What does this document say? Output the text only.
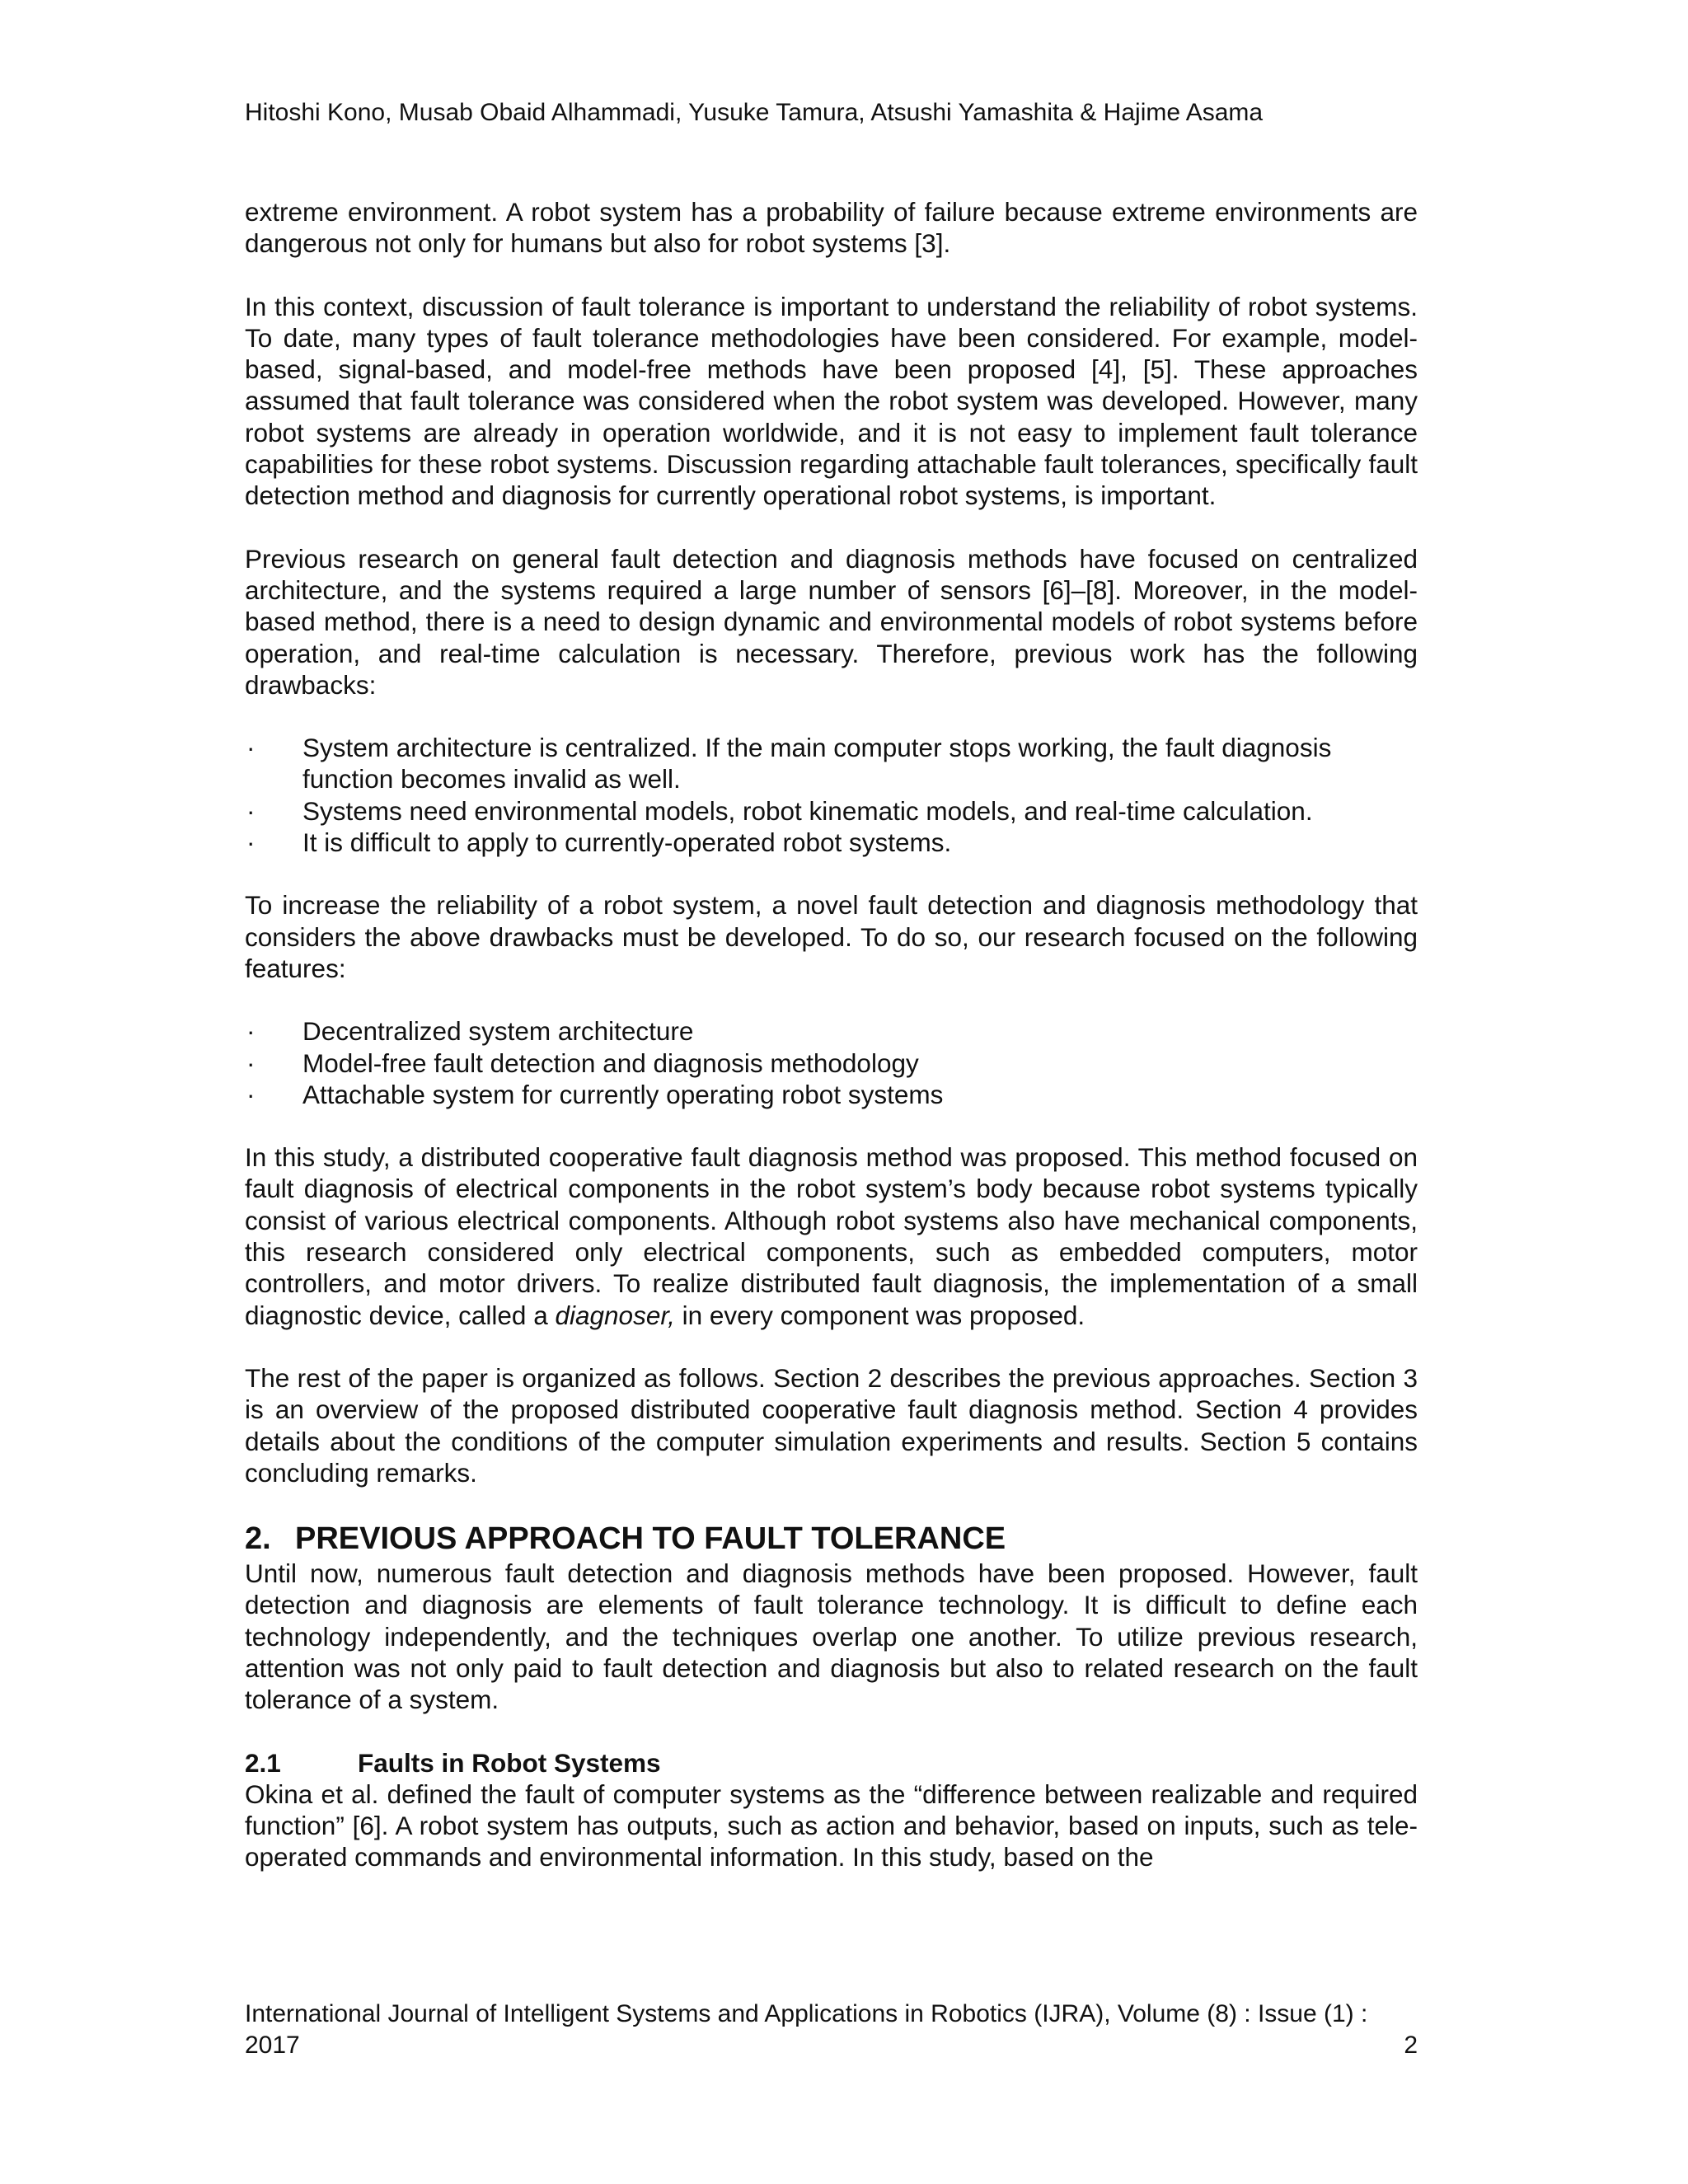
Hitoshi Kono, Musab Obaid Alhammadi, Yusuke Tamura, Atsushi Yamashita & Hajime Asama

extreme environment. A robot system has a probability of failure because extreme environments are dangerous not only for humans but also for robot systems [3].

In this context, discussion of fault tolerance is important to understand the reliability of robot systems. To date, many types of fault tolerance methodologies have been considered. For example, model-based, signal-based, and model-free methods have been proposed [4], [5]. These approaches assumed that fault tolerance was considered when the robot system was developed. However, many robot systems are already in operation worldwide, and it is not easy to implement fault tolerance capabilities for these robot systems. Discussion regarding attachable fault tolerances, specifically fault detection method and diagnosis for currently operational robot systems, is important.

Previous research on general fault detection and diagnosis methods have focused on centralized architecture, and the systems required a large number of sensors [6]–[8]. Moreover, in the model-based method, there is a need to design dynamic and environmental models of robot systems before operation, and real-time calculation is necessary. Therefore, previous work has the following drawbacks:

· System architecture is centralized. If the main computer stops working, the fault diagnosis function becomes invalid as well.
· Systems need environmental models, robot kinematic models, and real-time calculation.
· It is difficult to apply to currently-operated robot systems.

To increase the reliability of a robot system, a novel fault detection and diagnosis methodology that considers the above drawbacks must be developed. To do so, our research focused on the following features:

· Decentralized system architecture
· Model-free fault detection and diagnosis methodology
· Attachable system for currently operating robot systems

In this study, a distributed cooperative fault diagnosis method was proposed. This method focused on fault diagnosis of electrical components in the robot system’s body because robot systems typically consist of various electrical components. Although robot systems also have mechanical components, this research considered only electrical components, such as embedded computers, motor controllers, and motor drivers. To realize distributed fault diagnosis, the implementation of a small diagnostic device, called a diagnoser, in every component was proposed.

The rest of the paper is organized as follows. Section 2 describes the previous approaches. Section 3 is an overview of the proposed distributed cooperative fault diagnosis method. Section 4 provides details about the conditions of the computer simulation experiments and results. Section 5 contains concluding remarks.

2. PREVIOUS APPROACH TO FAULT TOLERANCE

Until now, numerous fault detection and diagnosis methods have been proposed. However, fault detection and diagnosis are elements of fault tolerance technology. It is difficult to define each technology independently, and the techniques overlap one another. To utilize previous research, attention was not only paid to fault detection and diagnosis but also to related research on the fault tolerance of a system.

2.1	Faults in Robot Systems

Okina et al. defined the fault of computer systems as the “difference between realizable and required function” [6]. A robot system has outputs, such as action and behavior, based on inputs, such as tele-operated commands and environmental information. In this study, based on the

International Journal of Intelligent Systems and Applications in Robotics (IJRA), Volume (8) : Issue (1) :
2017	2
